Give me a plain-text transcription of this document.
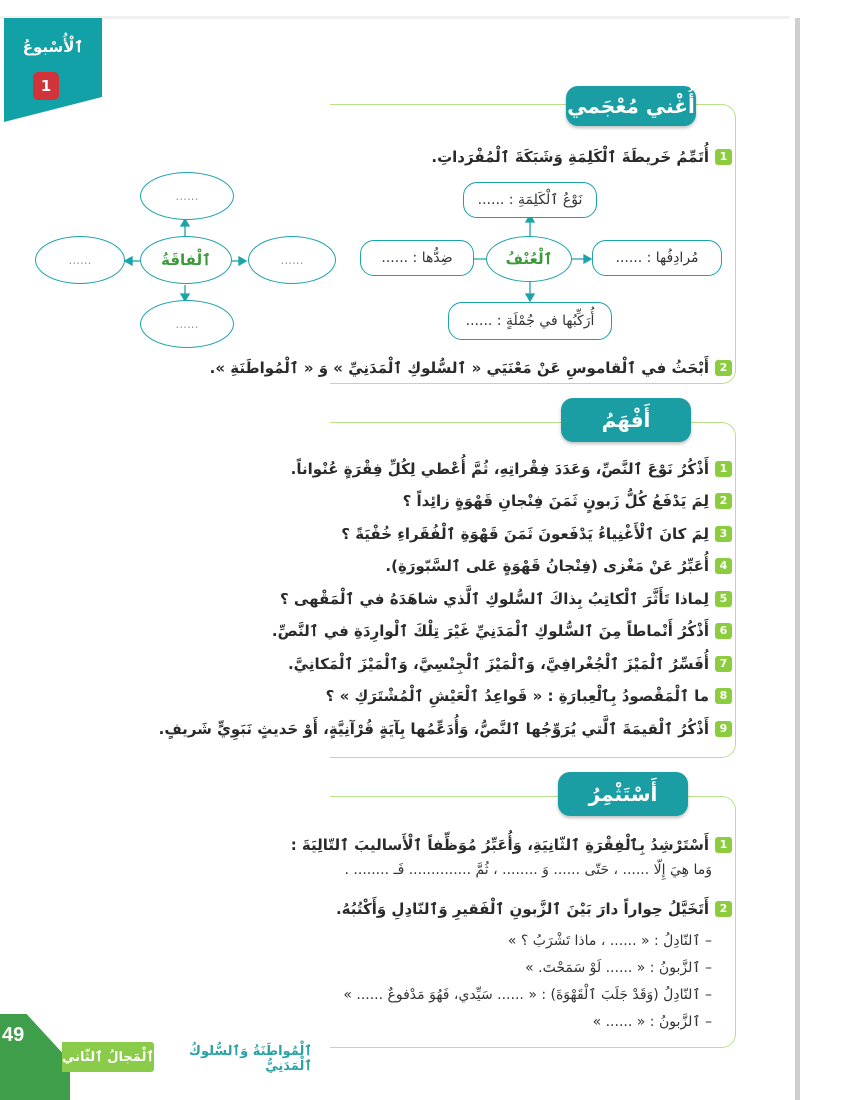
ٱلْأُسْبوعُ
1
أُغْني مُعْجَمي
1أُتَمِّمُ خَريطَةَ ٱلْكَلِمَةِ وَشَبَكَةَ ٱلْمُفْرَداتِ.
نَوْعُ ٱلْكَلِمَةِ : ......
مُرادِفُها : ......
ضِدُّها : ......	ٱلْعُنْفُ
أُرَكِّبُها في جُمْلَةٍ : ......
......
......
ٱلْفاقَةُ
......
......
2أَبْحَثُ في ٱلْقاموسِ عَنْ مَعْنَيَي « ٱلسُّلوكِ ٱلْمَدَنِيِّ » وَ « ٱلْمُواطَنَةِ ».
أَفْهَمُ
1أَذْكُرُ نَوْعَ ٱلنَّصِّ، وَعَدَدَ فِقْراتِهِ، ثُمَّ أُعْطي لِكُلِّ فِقْرَةٍ عُنْواناً.
2لِمَ يَدْفَعُ كُلُّ زَبونٍ ثَمَنَ فِنْجانِ قَهْوَةٍ زائِداً ؟
3لِمَ كانَ ٱلْأَغْنِياءُ يَدْفَعونَ ثَمَنَ قَهْوَةِ ٱلْفُقَراءِ خُفْيَةً ؟
4أُعَبِّرُ عَنْ مَغْزى (فِنْجانُ قَهْوَةٍ عَلى ٱلسَّبّورَةِ).
5لِماذا تَأَثَّرَ ٱلْكاتِبُ بِذاكَ ٱلسُّلوكِ ٱلَّذي شاهَدَهُ في ٱلْمَقْهى ؟
6أَذْكُرُ أَنْماطاً مِنَ ٱلسُّلوكِ ٱلْمَدَنِيِّ غَيْرَ تِلْكَ ٱلْوارِدَةِ في ٱلنَّصِّ.
7أُفَسِّرُ ٱلْمَيْزَ ٱلْجُغْرافِيَّ، وَٱلْمَيْزَ ٱلْجِنْسِيَّ، وَٱلْمَيْزَ ٱلْمَكانِيَّ.
8ما ٱلْمَقْصودُ بِٱلْعِبارَةِ : « قَواعِدُ ٱلْعَيْشِ ٱلْمُشْتَرَكِ » ؟
9أَذْكُرُ ٱلْقيمَةَ ٱلَّتي يُرَوِّجُها ٱلنَّصُّ، وَأُدَعِّمُها بِآيَةٍ قُرْآنِيَّةٍ، أَوْ حَديثٍ نَبَوِيٍّ شَريفٍ.
أَسْتَثْمِرُ
1أَسْتَرْشِدُ بِٱلْفِقْرَةِ ٱلثّانِيَةِ، وَأُعَبِّرُ مُوَظِّفاً ٱلْأَساليبَ ٱلتّالِيَةَ :
وَما هِيَ إِلّا ...... ، حَتّى ...... وَ ........ ، ثُمَّ .............. فَـ ........ .
2أَتَخَيَّلُ حِواراً دارَ بَيْنَ ٱلزَّبونِ ٱلْفَقيرِ وَٱلنّادِلِ وَأَكْتُبُهُ.
– ٱلنّادِلُ : « ...... ، ماذا تَشْرَبُ ؟ »
– ٱلزَّبونُ : « ...... لَوْ سَمَحْتَ. »
– ٱلنّادِلُ (وَقَدْ جَلَبَ ٱلْقَهْوَةَ) : « ...... سَيِّدي، فَهُوَ مَدْفوعٌ ...... »
– ٱلزَّبونُ : « ...... »
49
ٱلْمَجالُ ٱلثّاني	ٱلْمُواطَنَةُ وَٱلسُّلوكُ ٱلْمَدَنِيُّ
